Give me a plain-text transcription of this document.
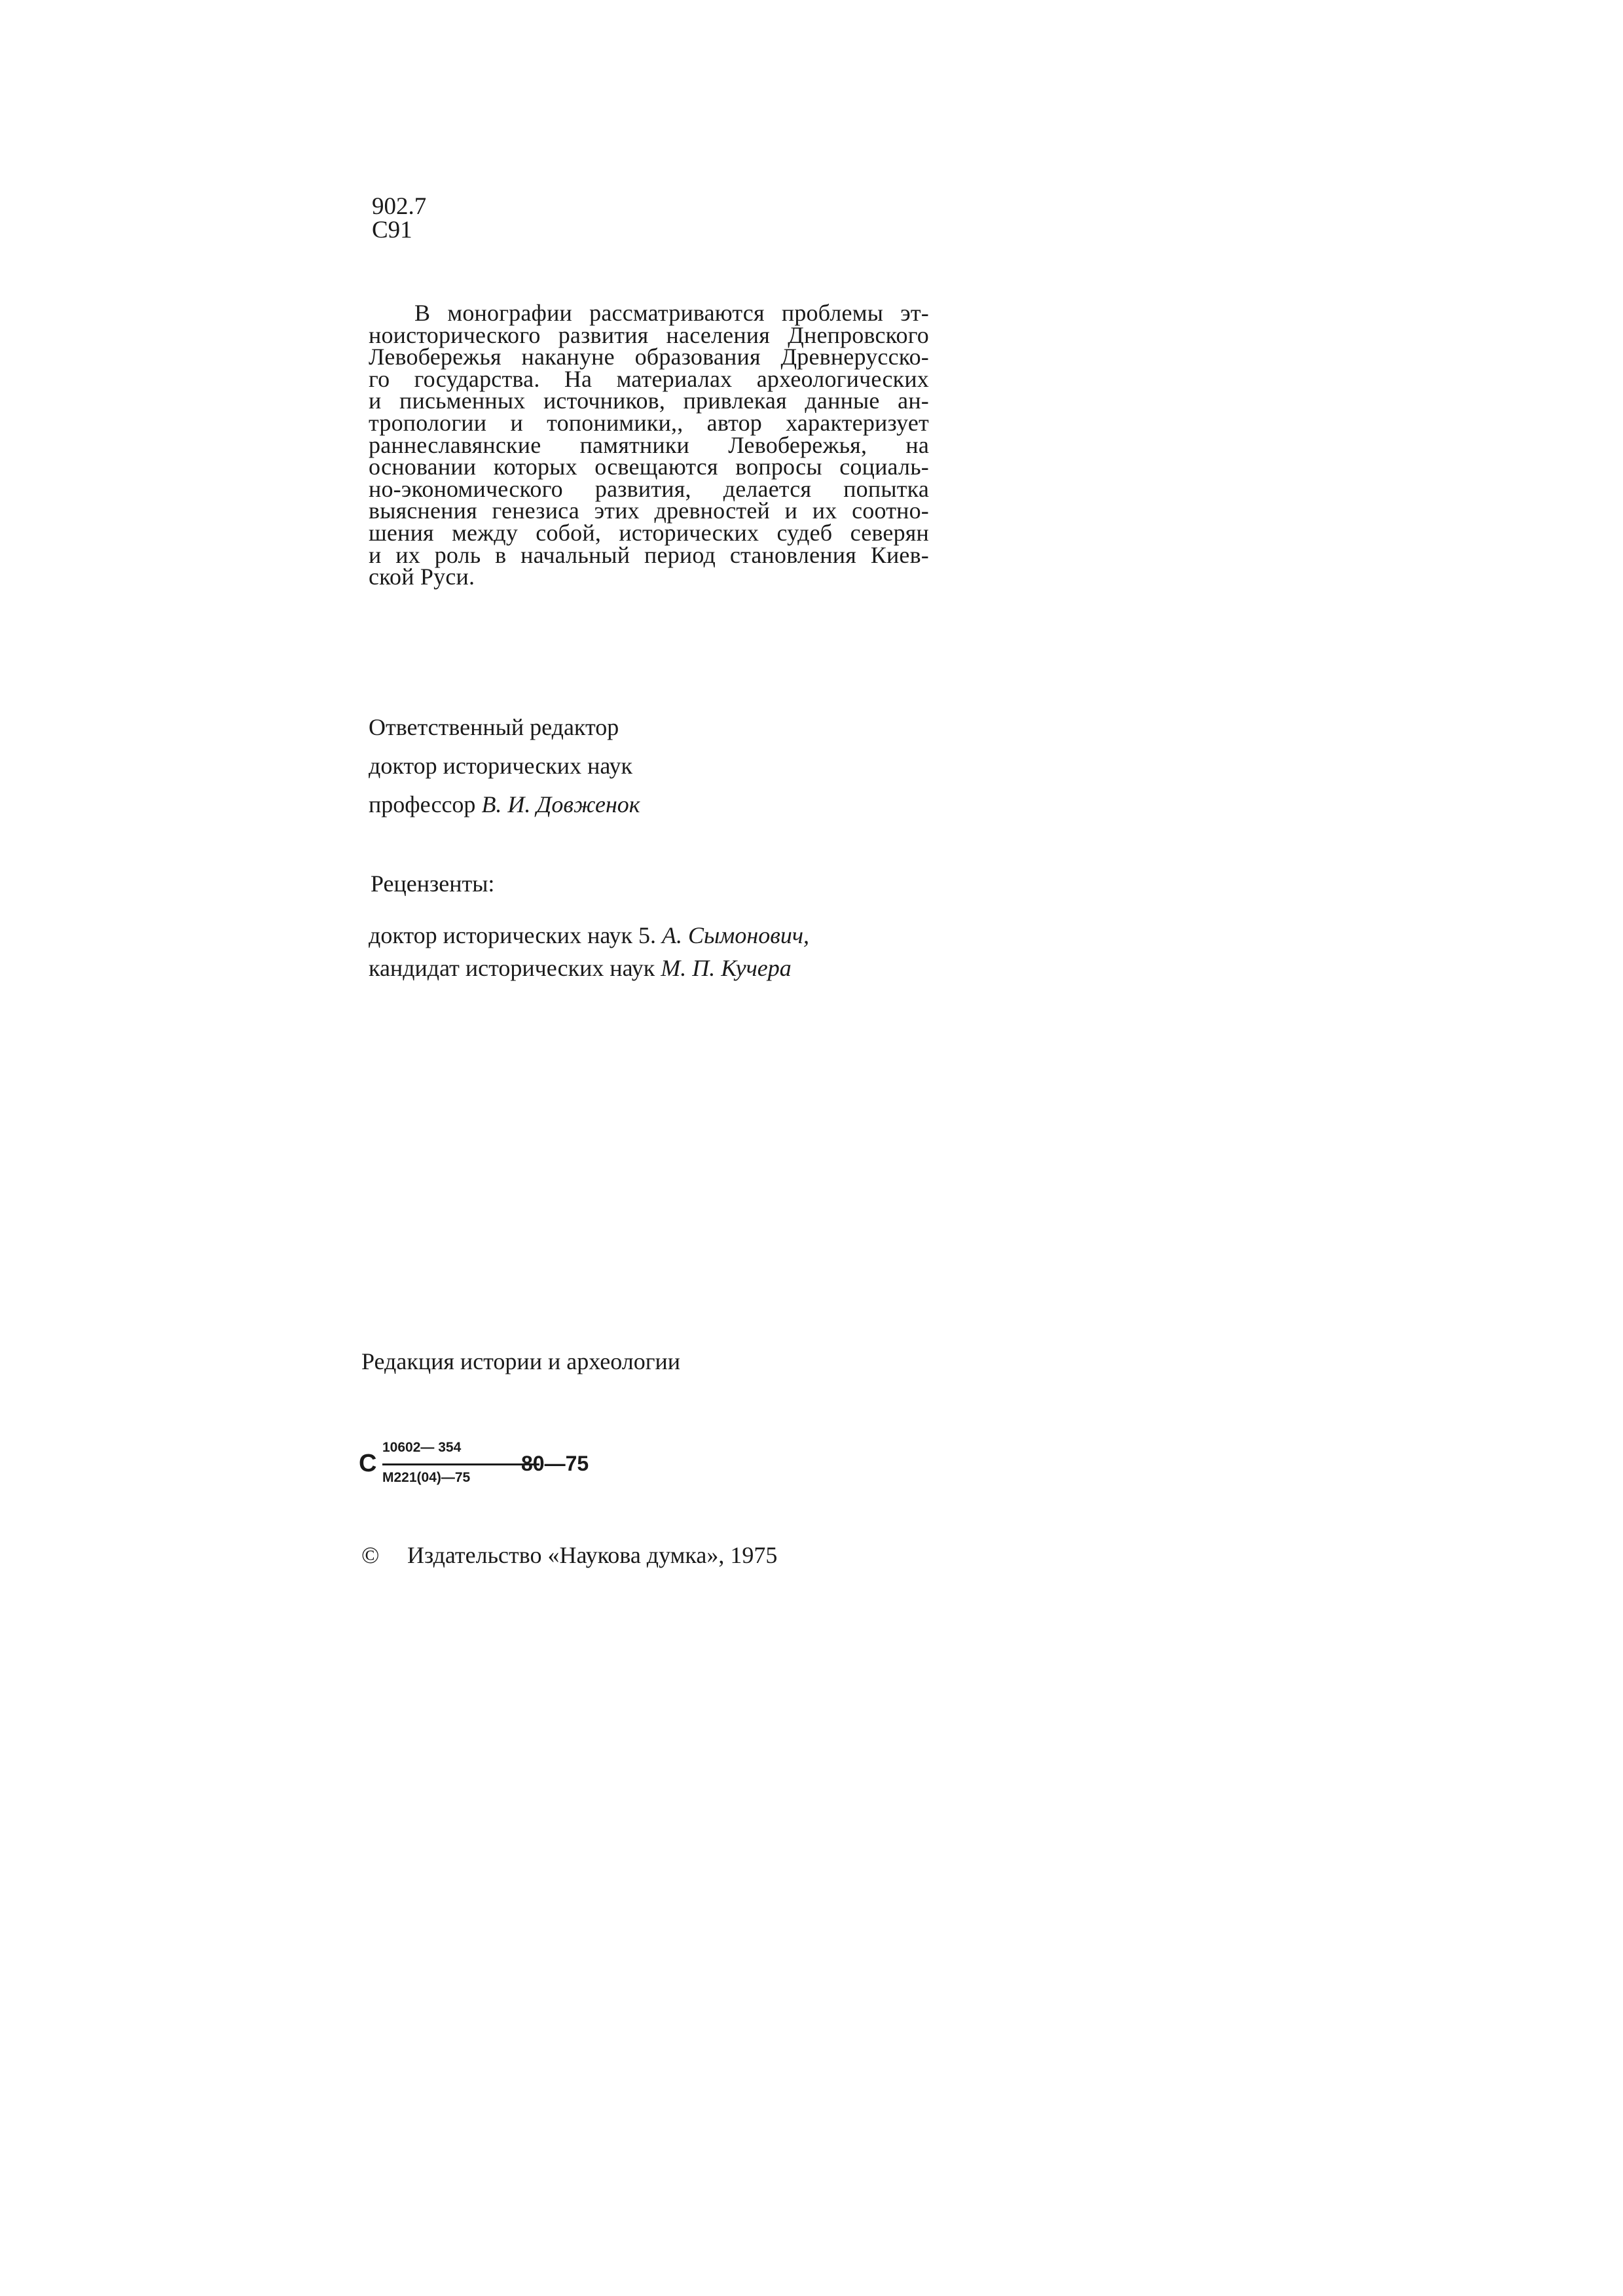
902.7
С91
В монографии рассматриваются проблемы эт-
ноисторического развития населения Днепровского
Левобережья накануне образования Древнерусско-
го государства. На материалах археологических
и письменных источников, привлекая данные ан-
тропологии и топонимики,, автор характеризует
раннеславянские памятники Левобережья, на
основании которых освещаются вопросы социаль-
но-экономического развития, делается попытка
выяснения генезиса этих древностей и их соотно-
шения между собой, исторических судеб северян
и их роль в начальный период становления Киев-
ской Руси.
Ответственный редактор
доктор исторических наук
профессор В. И. Довженок
Рецензенты:
доктор исторических наук 5. А. Сымонович,
кандидат исторических наук М. П. Кучера
Редакция истории и археологии
С
10602— 354
М221(04)—75
80—75
© Издательство «Наукова думка», 1975
